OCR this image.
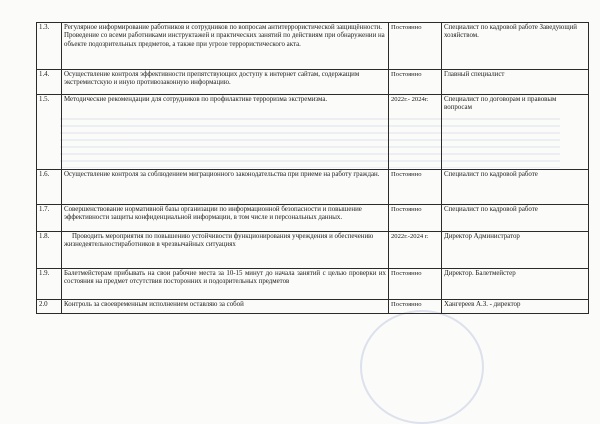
1.3.	Регулярное информирование работников и сотрудников по вопросам антитеррористической защищённости. Проведение со всеми работниками инструктажей и практических занятий по действиям при обнаружении на объекте подозрительных предметов, а также при угрозе террористического акта.	Постоянно	Специалист по кадровой работе Заведующий хозяйством.
1.4.	Осуществление контроля эффективности препятствующих доступу к интернет сайтам, содержащим экстремистскую и иную противозаконную информацию.	Постоянно	Главный специалист
1.5.	Методические рекомендации для сотрудников по профилактике терроризма экстремизма.	2022г.- 2024г.	Специалист по договорам и правовым вопросам
1.6.	Осуществление контроля за соблюдением миграционного законодательства при приеме на работу граждан.	Постоянно	Специалист по кадровой работе
1.7.	Совершенствование нормативной базы организации по информационной безопасности и повышение эффективности защиты конфиденциальной информации, в том числе и персональных данных.	Постоянно	Специалист по кадровой работе
1.8.	Проводить мероприятия по повышению устойчивости функционирования учреждения и обеспечению жизнедеятельностиработников в чрезвычайных ситуациях	2022г.-2024 г.	Директор Администратор
1.9.	Балетмейстерам прибывать на свои рабочие места за 10-15 минут до начала занятий с целью проверки их состояния на предмет отсутствия посторонних и подозрительных предметов	Постоянно	Директор. Балетмейстер
2.0	Контроль за своевременным исполнением оставляю за собой	Постоянно	Хангереев А.З. - директор
